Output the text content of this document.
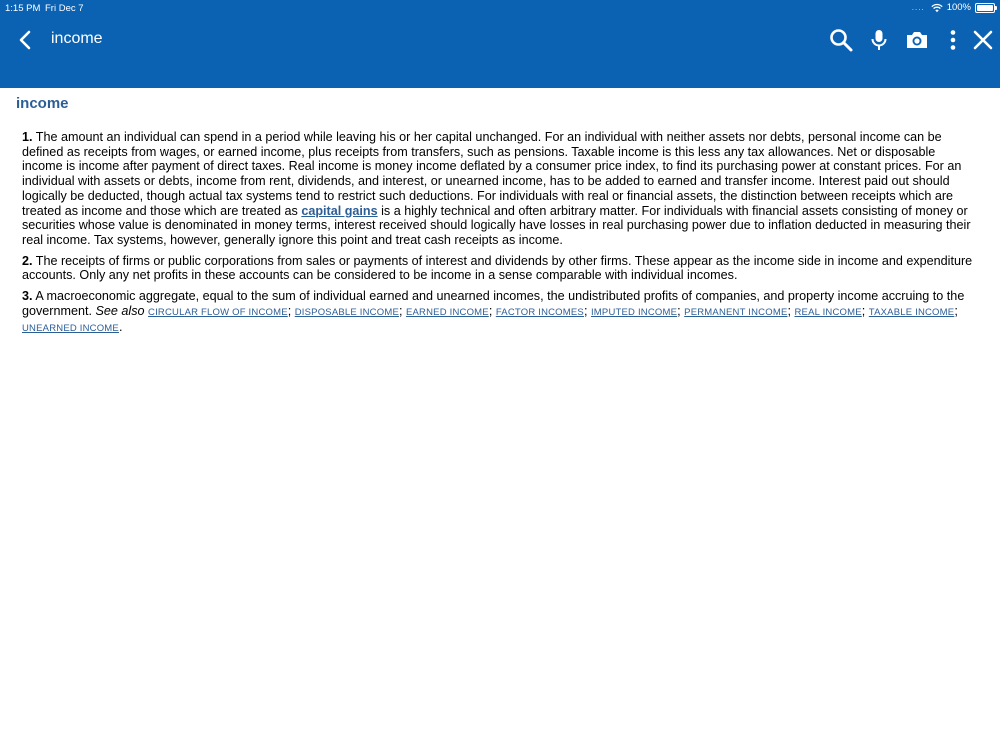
1:15 PM Fri Dec 7	.... 100%
income
income

1. The amount an individual can spend in a period while leaving his or her capital unchanged. For an individual with neither assets nor debts, personal income can be defined as receipts from wages, or earned income, plus receipts from transfers, such as pensions. Taxable income is this less any tax allowances. Net or disposable income is income after payment of direct taxes. Real income is money income deflated by a consumer price index, to find its purchasing power at constant prices. For an individual with assets or debts, income from rent, dividends, and interest, or unearned income, has to be added to earned and transfer income. Interest paid out should logically be deducted, though actual tax systems tend to restrict such deductions. For individuals with real or financial assets, the distinction between receipts which are treated as income and those which are treated as capital gains is a highly technical and often arbitrary matter. For individuals with financial assets consisting of money or securities whose value is denominated in money terms, interest received should logically have losses in real purchasing power due to inflation deducted in measuring their real income. Tax systems, however, generally ignore this point and treat cash receipts as income.

2. The receipts of firms or public corporations from sales or payments of interest and dividends by other firms. These appear as the income side in income and expenditure accounts. Only any net profits in these accounts can be considered to be income in a sense comparable with individual incomes.

3. A macroeconomic aggregate, equal to the sum of individual earned and unearned incomes, the undistributed profits of companies, and property income accruing to the government. See also CIRCULAR FLOW OF INCOME; DISPOSABLE INCOME; EARNED INCOME; FACTOR INCOMES; IMPUTED INCOME; PERMANENT INCOME; REAL INCOME; TAXABLE INCOME; UNEARNED INCOME.
